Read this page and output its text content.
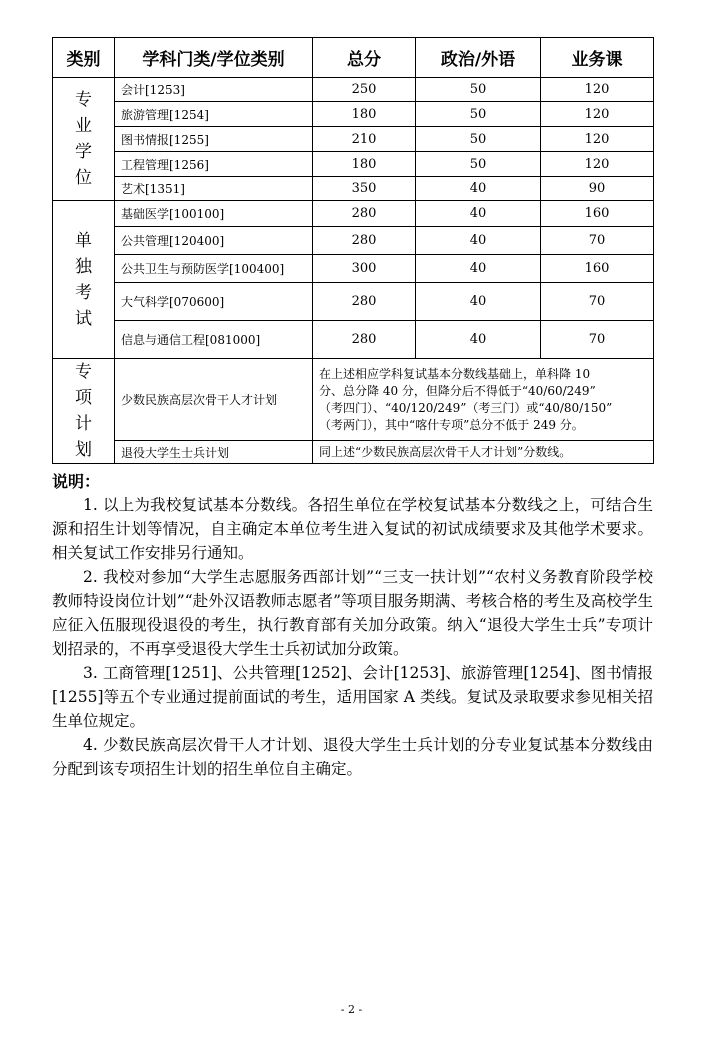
类别	学科门类/学位类别	总分	政治/外语	业务课

专
业
学
位	会计[1253]	250	50	120
	旅游管理[1254]	180	50	120
	图书情报[1255]	210	50	120
	工程管理[1256]	180	50	120
	艺术[1351]	350	40	90

单
独
考
试	基础医学[100100]	280	40	160
	公共管理[120400]	280	40	70
	公共卫生与预防医学[100400]	300	40	160
	大气科学[070600]	280	40	70
	信息与通信工程[081000]	280	40	70

专
项
计
划	少数民族高层次骨干人才计划	在上述相应学科复试基本分数线基础上，单科降 10
分、总分降 40 分，但降分后不得低于“40/60/249”
（考四门）、“40/120/249”（考三门）或“40/80/150”
（考两门），其中“喀什专项”总分不低于 249 分。		

	退役大学生士兵计划	同上述“少数民族高层次骨干人才计划”分数线。		
说明：

1. 以上为我校复试基本分数线。各招生单位在学校复试基本分数线之上，可结合生源和招生计划等情况，自主确定本单位考生进入复试的初试成绩要求及其他学术要求。相关复试工作安排另行通知。

2. 我校对参加“大学生志愿服务西部计划”“三支一扶计划”“农村义务教育阶段学校教师特设岗位计划”“赴外汉语教师志愿者”等项目服务期满、考核合格的考生及高校学生应征入伍服现役退役的考生，执行教育部有关加分政策。纳入“退役大学生士兵”专项计划招录的，不再享受退役大学生士兵初试加分政策。

3. 工商管理[1251]、公共管理[1252]、会计[1253]、旅游管理[1254]、图书情报[1255]等五个专业通过提前面试的考生，适用国家 A 类线。复试及录取要求参见相关招生单位规定。

4. 少数民族高层次骨干人才计划、退役大学生士兵计划的分专业复试基本分数线由分配到该专项招生计划的招生单位自主确定。

- 2 -
